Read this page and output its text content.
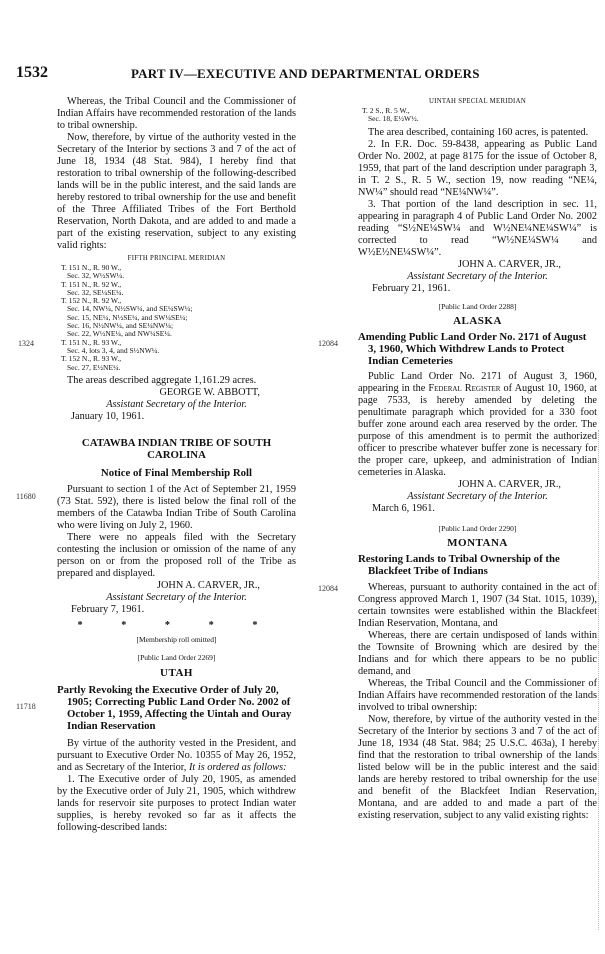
1532	PART IV—EXECUTIVE AND DEPARTMENTAL ORDERS
1324
11680
11718
12084
12084

Whereas, the Tribal Council and the Commissioner of Indian Affairs have recommended restoration of the lands to tribal ownership.

Now, therefore, by virtue of the authority vested in the Secretary of the Interior by sections 3 and 7 of the act of June 18, 1934 (48 Stat. 984), I hereby find that restoration to tribal ownership of the following-described lands will be in the public interest, and the said lands are hereby restored to tribal ownership for the use and benefit of the Three Affiliated Tribes of the Fort Berthold Reservation, North Dakota, and are added to and made a part of the existing reservation, subject to any existing valid rights:

FIFTH PRINCIPAL MERIDIAN
T. 151 N., R. 90 W.,
Sec. 32, W½SW¼.
T. 151 N., R. 92 W.,
Sec. 32, SE¼SE¼.
T. 152 N., R. 92 W.,
Sec. 14, NW¼, N½SW¼, and SE¼SW¼;
Sec. 15, NE¼, N½SE¼, and SW¼SE¼;
Sec. 16, N½NW¼, and SE¼NW¼;
Sec. 22, W½NE¼, and NW¼SE¼.
T. 151 N., R. 93 W.,
Sec. 4, lots 3, 4, and S½NW¼.
T. 152 N., R. 93 W.,
Sec. 27, E½NE¼.

The areas described aggregate 1,161.29 acres.

GEORGE W. ABBOTT,
Assistant Secretary of the Interior.
January 10, 1961.
CATAWBA INDIAN TRIBE OF SOUTH CAROLINA
Notice of Final Membership Roll

Pursuant to section 1 of the Act of September 21, 1959 (73 Stat. 592), there is listed below the final roll of the members of the Catawba Indian Tribe of South Carolina who were living on July 2, 1960.

There were no appeals filed with the Secretary contesting the inclusion or omission of the name of any person on or from the proposed roll of the Tribe as prepared and displayed.

JOHN A. CARVER, JR.,
Assistant Secretary of the Interior.
February 7, 1961.
* * * * *
[Membership roll omitted]
[Public Land Order 2269]
UTAH
Partly Revoking the Executive Order of July 20, 1905; Correcting Public Land Order No. 2002 of October 1, 1959, Affecting the Uintah and Ouray Indian Reservation

By virtue of the authority vested in the President, and pursuant to Executive Order No. 10355 of May 26, 1952, and as Secretary of the Interior, It is ordered as follows:

1. The Executive order of July 20, 1905, as amended by the Executive order of July 21, 1905, which withdrew lands for reservoir site purposes to protect Indian water supplies, is hereby revoked so far as it affects the following-described lands:

UINTAH SPECIAL MERIDIAN
T. 2 S., R. 5 W.,
Sec. 18, E½W½.

The area described, containing 160 acres, is patented.

2. In F.R. Doc. 59-8438, appearing as Public Land Order No. 2002, at page 8175 for the issue of October 8, 1959, that part of the land description under paragraph 3, in T. 2 S., R. 5 W., section 19, now reading “NE¼, NW¼” should read “NE¼NW¼”.

3. That portion of the land description in sec. 11, appearing in paragraph 4 of Public Land Order No. 2002 reading “S½NE¼SW¼ and W½NE¼NE¼SW¼” is corrected to read “W½NE¼SW¼ and W½E½NE¼SW¼”.

JOHN A. CARVER, JR.,
Assistant Secretary of the Interior.
February 21, 1961.
[Public Land Order 2288]
ALASKA
Amending Public Land Order No. 2171 of August 3, 1960, Which Withdrew Lands to Protect Indian Cemeteries

Public Land Order No. 2171 of August 3, 1960, appearing in the Federal Register of August 10, 1960, at page 7533, is hereby amended by deleting the penultimate paragraph which provided for a 330 foot buffer zone around each area reserved by the order. The purpose of this amendment is to permit the authorized officer to prescribe whatever buffer zone is necessary for the proper care, upkeep, and administration of Indian cemeteries in Alaska.

JOHN A. CARVER, JR.,
Assistant Secretary of the Interior.
March 6, 1961.
[Public Land Order 2290]
MONTANA
Restoring Lands to Tribal Ownership of the Blackfeet Tribe of Indians

Whereas, pursuant to authority contained in the act of Congress approved March 1, 1907 (34 Stat. 1015, 1039), certain townsites were established within the Blackfeet Indian Reservation, Montana, and

Whereas, there are certain undisposed of lands within the Townsite of Browning which are desired by the Indians and for which there appears to be no public demand, and

Whereas, the Tribal Council and the Commissioner of Indian Affairs have recommended restoration of the lands involved to tribal ownership:

Now, therefore, by virtue of the authority vested in the Secretary of the Interior by sections 3 and 7 of the act of June 18, 1934 (48 Stat. 984; 25 U.S.C. 463a), I hereby find that the restoration to tribal ownership of the lands listed below will be in the public interest and the said lands are hereby restored to tribal ownership for the use and benefit of the Blackfeet Indian Reservation, Montana, and are added to and made a part of the existing reservation, subject to any valid existing rights:
